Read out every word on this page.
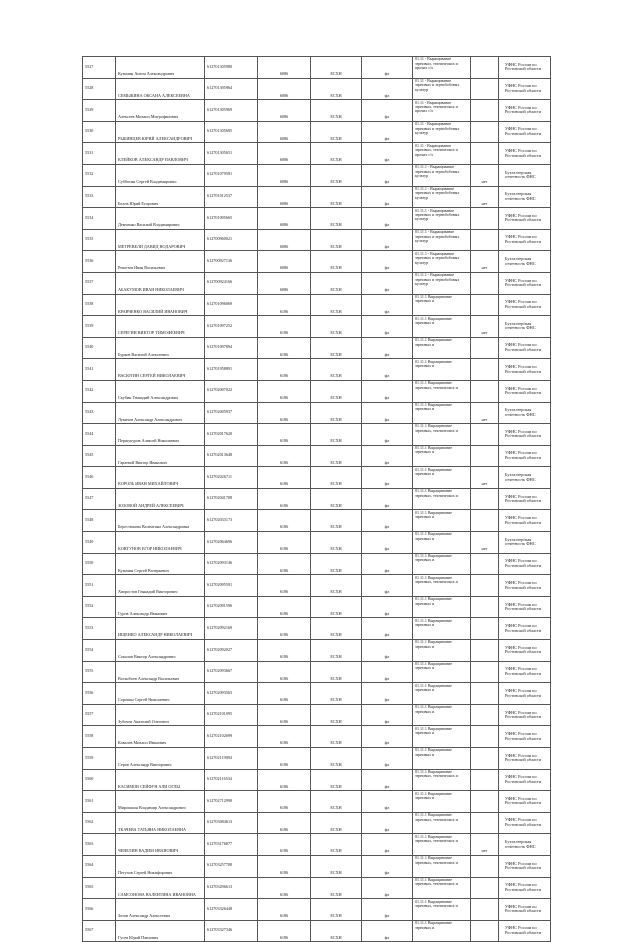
5527	Кузьмин Антон Александрович	612701305980	6086	ЕСХН	фл	01.11 - Выращивание зерновых, технических и прочих с/х		УФНС России по Ростовской области
5528	СЕМЫКИНА ОКСАНА АЛЕКСЕЕВНА	612701305964	6086	ЕСХН	фл	01.11 - Выращивание зерновых и зернобобовых культур		УФНС России по Ростовской области
5529	Алексеев Михаил Митрофанович	612701305969	6086	ЕСХН	фл	01.11 - Выращивание зерновых, технических и прочих с/х		УФНС России по Ростовской области
5530	РЫБИНЦЕВ ЮРИЙ АЛЕКСАНДРОВИЧ	612701305685	6086	ЕСХН	фл	01.11 - Выращивание зерновых и зернобобовых культур		УФНС России по Ростовской области
5531	КЛЕЙКОВ АЛЕКСАНДР ПАВЛОВИЧ	612701305651	6086	ЕСХН	фл	01.11 - Выращивание зерновых, технических и прочих с/х		УФНС России по Ростовской области
5532	Субботин Сергей Владимирович	612701079581	6086	ЕСХН	фл	01.11.1 - Выращивание зерновых и зернобобовых культур	нет	Бухгалтерская отчетность ФНС
5533	Белов Юрий Егорович	612701012537	6086	ЕСХН	фл	01.11.1 - Выращивание зерновых и зернобобовых культур	нет	Бухгалтерская отчетность ФНС
5534	Демченко Василий Владимирович	612701005665	6086	ЕСХН	фл	01.11.1 - Выращивание зерновых и зернобобовых культур		УФНС России по Ростовской области
5535	МЕТРЕВЕЛИ ДАВИД НОДАРОВИЧ	612700960021	6086	ЕСХН	фл	01.11.1 - Выращивание зерновых и зернобобовых культур		УФНС России по Ростовской области
5536	Решетов Иван Васильевич	612700927136	6086	ЕСХН	фл	01.11.1 - Выращивание зерновых и зернобобовых культур	нет	Бухгалтерская отчетность ФНС
5537	АБАКУМОВ ИВАН НИКОЛАЕВИЧ	612700924166	6086	ЕСХН	фл	01.11.1 - Выращивание зерновых и зернобобовых культур		УФНС России по Ростовской области
5538	КРАВЧЕНКО ВАСИЛИЙ ИВАНОВИЧ	612701096069	6186	ЕСХН	фл	01.11.1 Выращивание зерновых и		УФНС России по Ростовской области
5539	СЕРЕГИН ВИКТОР ТИМОФЕЕВИЧ	612701097252	6186	ЕСХН	фл	01.11.1 Выращивание зерновых и	нет	Бухгалтерская отчетность ФНС
5540	Бурков Василий Алексеевич	612701097894	6186	ЕСХН	фл	01.11.1 Выращивание зерновых и		УФНС России по Ростовской области
5541	ВАСЮТИН СЕРГЕЙ НИКОЛАЕВИЧ	612701958891	6186	ЕСХН	фл	01.11.1 Выращивание зерновых и		УФНС России по Ростовской области
5542	Скубин Геннадий Александрович	612702007022	6186	ЕСХН	фл	01.11.1 Выращивание зерновых, технических и		УФНС России по Ростовской области
5543	Лукичев Александр Александрович	612702005937	6186	ЕСХН	фл	01.11.1 Выращивание зерновых и	нет	Бухгалтерская отчетность ФНС
5544	Першукуров Алексей Николаевич	612702017620	6186	ЕСХН	фл	01.11.1 Выращивание зерновых, технических и		УФНС России по Ростовской области
5545	Гараевой Виктор Иванович	612702013648	6186	ЕСХН	фл	01.11.1 Выращивание зерновых и		УФНС России по Ростовской области
5546	КОРОЛЬ ИВАН МИХАЙЛОВИЧ	612702026711	6186	ЕСХН	фл	01.11.1 Выращивание зерновых и	нет	Бухгалтерская отчетность ФНС
5547	ЗОЗОВОЙ АНДРЕЙ АЛЕКСЕЕВИЧ	612702041708	6186	ЕСХН	фл	01.11.1 Выращивание зерновых, технических и		УФНС России по Ростовской области
5548	Берестюкова Валентина Александровна	612702033173	6186	ЕСХН	фл	01.11.1 Выращивание зерновых и		УФНС России по Ростовской области
5549	КОВТУНОВ ЕГОР НИКОЛАЕВИЧ	612702064696	6186	ЕСХН	фл	01.11.1 Выращивание зерновых и	нет	Бухгалтерская отчетность ФНС
5550	Кузьмин Сергей Валерьевич	612702093146	6186	ЕСХН	фл	01.11.1 Выращивание зерновых и		УФНС России по Ростовской области
5551	Хворостов Геннадий Викторович	612702095591	6186	ЕСХН	фл	01.11.1 Выращивание зерновых, технических и		УФНС России по Ростовской области
5552	Гуров Александр Иванович	612702091596	6186	ЕСХН	фл	01.11.1 Выращивание зерновых и		УФНС России по Ростовской области
5553	ИЩЕНКО АЛЕКСАНДР НИКОЛАЕВИЧ	612702092169	6186	ЕСХН	фл	01.11.1 Выращивание зерновых и		УФНС России по Ростовской области
5554	Соколов Виктор Александрович	612702092027	6186	ЕСХН	фл	01.11.1 Выращивание зерновых и		УФНС России по Ростовской области
5555	Воскобоев Александр Васильевич	612702093667	6186	ЕСХН	фл	01.11.1 Выращивание зерновых и		УФНС России по Ростовской области
5556	Сорокин Сергей Николаевич	612702093563	6186	ЕСХН	фл	01.11.1 Выращивание зерновых и		УФНС России по Ростовской области
5557	Зубочев Анатолий Олегович	612702101095	6186	ЕСХН	фл	01.11.1 Выращивание зерновых и		УФНС России по Ростовской области
5558	Ковалев Михаил Иванович	612702102699	6186	ЕСХН	фл	01.11.1 Выращивание зерновых и		УФНС России по Ростовской области
5559	Серов Александр Викторович	612702119094	6186	ЕСХН	фл	01.11.1 Выращивание зерновых и		УФНС России по Ростовской области
5560	КАСИМОВ СЕЙФУН АЛИ ОГЛЫ	612702116534	6186	ЕСХН	фл	01.11.1 Выращивание зерновых, технических и		УФНС России по Ростовской области
5561	Мирошкин Владимир Александрович	612702712990	6186	ЕСХН	фл	01.11.1 Выращивание зерновых и		УФНС России по Ростовской области
5562	ТКАЧЕВА ТАТЬЯНА НИКОЛАЕВНА	612703084613	6186	ЕСХН	фл	01.11.1 Выращивание зерновых, технических и		УФНС России по Ростовской области
5563	ЧЕНЕЛИН ВАДИМ ИВАНОВИЧ	612703176877	6186	ЕСХН	фл	01.11.1 Выращивание зерновых, технических и	нет	Бухгалтерская отчетность ФНС
5564	Петухов Сергей Никифорович	612703257708	6186	ЕСХН	фл	01.11.1 Выращивание зерновых, технических и		УФНС России по Ростовской области
5565	САМСОНОВА ВАЛЕНТИНА ИВАНОВНА	612703296613	6186	ЕСХН	фл	01.11.1 Выращивание зерновых, технических и		УФНС России по Ростовской области
5566	Зотов Александр Алексеевич	612703326448	6186	ЕСХН	фл	01.11.1 Выращивание зерновых, технических и		УФНС России по Ростовской области
5567	Гусев Юрий Павлович	612703327346	6186	ЕСХН	фл	01.11.1 Выращивание зерновых и		УФНС России по Ростовской области
